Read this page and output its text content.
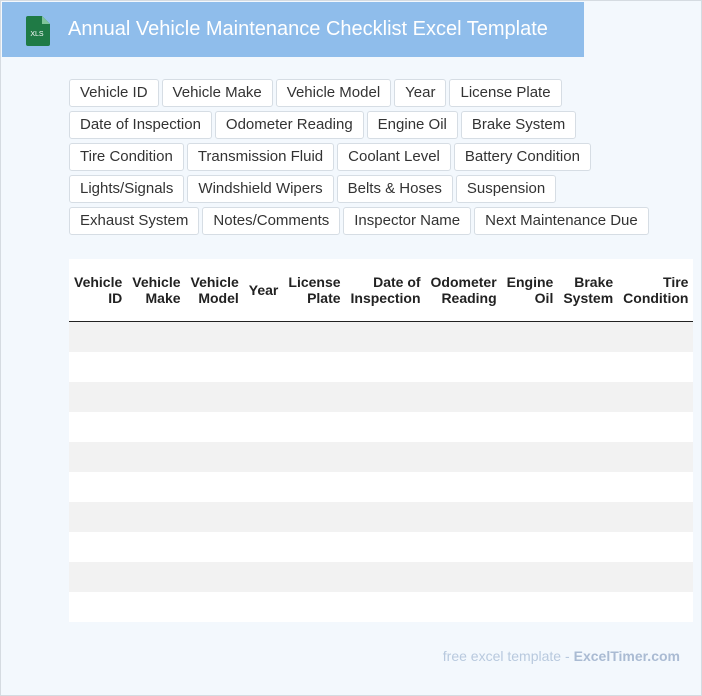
XLS Annual Vehicle Maintenance Checklist Excel Template
Vehicle ID	Vehicle Make	Vehicle Model	Year	License Plate
Date of Inspection	Odometer Reading	Engine Oil	Brake System
Tire Condition	Transmission Fluid	Coolant Level	Battery Condition
Lights/Signals	Windshield Wipers	Belts & Hoses	Suspension
Exhaust System	Notes/Comments	Inspector Name	Next Maintenance Due
Vehicle ID	Vehicle Make	Vehicle Model	Year	License Plate	Date of Inspection	Odometer Reading	Engine Oil	Brake System	Tire Condition

free excel template - ExcelTimer.com
